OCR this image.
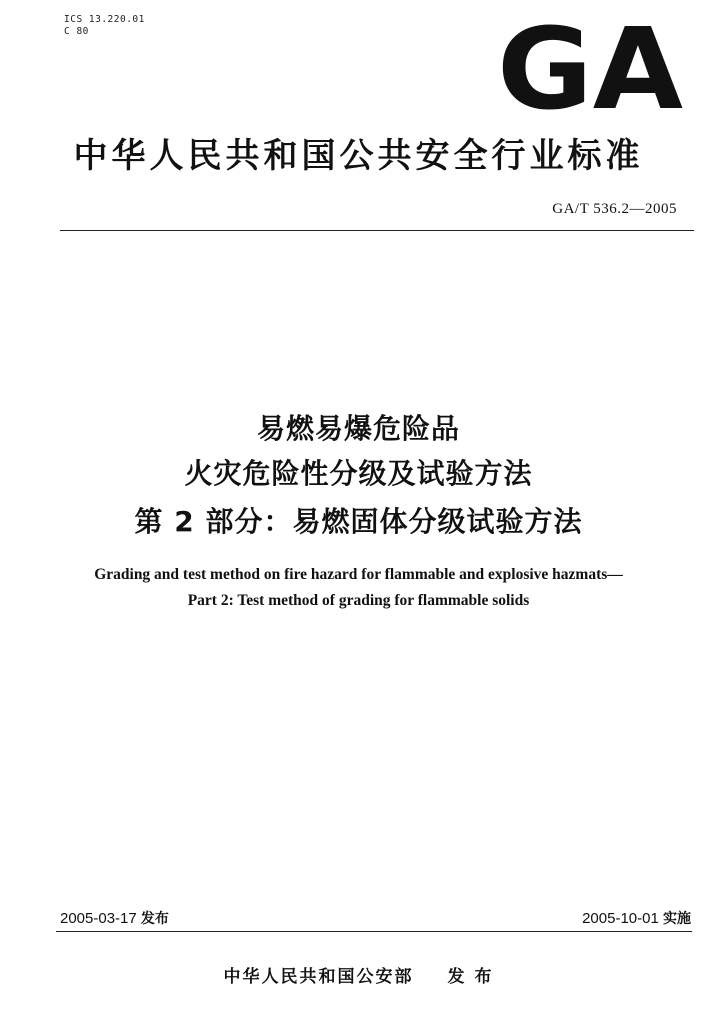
ICS 13.220.01
C 80	GA
中华人民共和国公共安全行业标准
GA/T 536.2—2005
易燃易爆危险品
火灾危险性分级及试验方法
第 2 部分：易燃固体分级试验方法
Grading and test method on fire hazard for flammable and explosive hazmats—
Part 2: Test method of grading for flammable solids
2005-03-17 发布	2005-10-01 实施
中华人民共和国公安部 发 布
